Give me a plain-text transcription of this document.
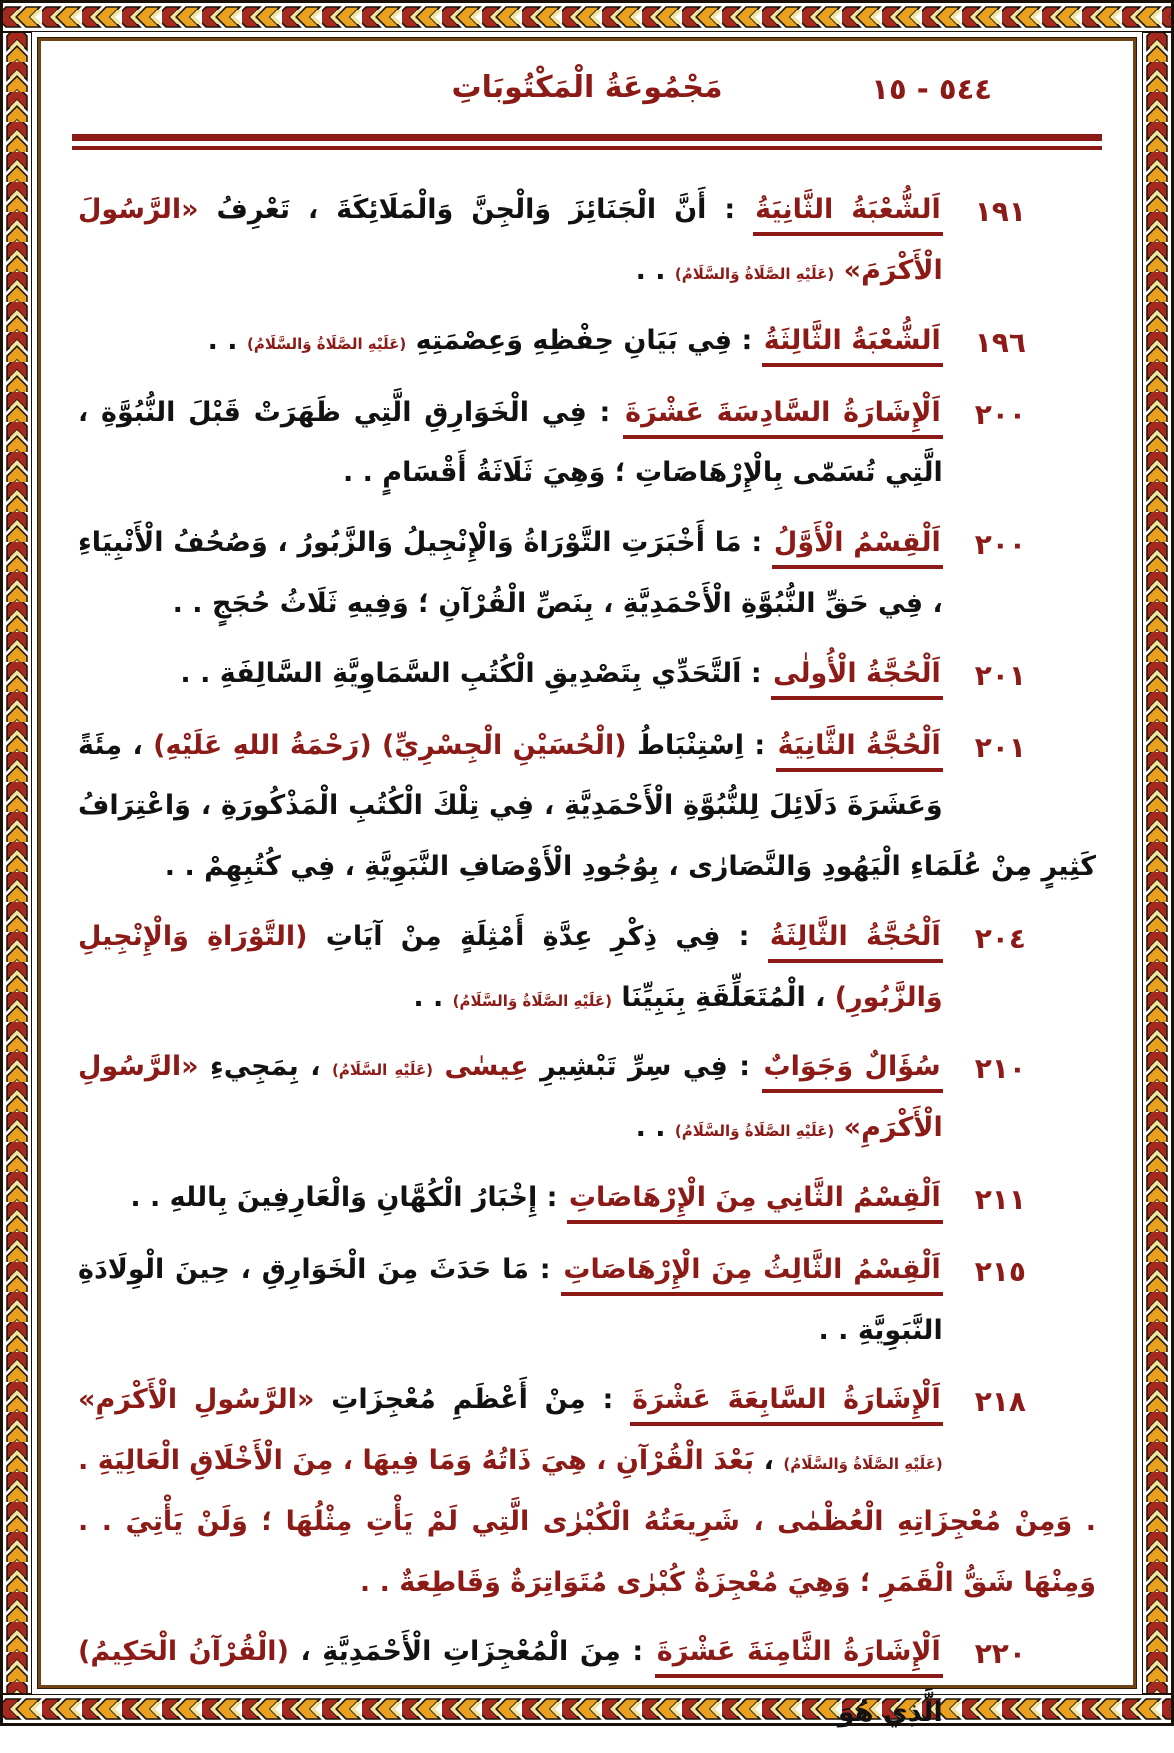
٥٤٤ - ١٥
مَجْمُوعَةُ الْمَكْتُوبَاتِ

١٩١
اَلشُّعْبَةُ الثَّانِيَةُ : أَنَّ الْجَنَائِزَ وَالْجِنَّ وَالْمَلَائِكَةَ ، تَعْرِفُ «الرَّسُولَ الْأَكْرَمَ» (عَلَيْهِ الصَّلَاةُ وَالسَّلَامُ) . .

١٩٦
اَلشُّعْبَةُ الثَّالِثَةُ : فِي بَيَانِ حِفْظِهِ وَعِصْمَتِهِ (عَلَيْهِ الصَّلَاةُ وَالسَّلَامُ) . .

٢٠٠
اَلْإِشَارَةُ السَّادِسَةَ عَشْرَةَ : فِي الْخَوَارِقِ الَّتِي ظَهَرَتْ قَبْلَ النُّبُوَّةِ ، الَّتِي تُسَمّٰى بِالْإِرْهَاصَاتِ ؛ وَهِيَ ثَلَاثَةُ أَقْسَامٍ . .

٢٠٠
اَلْقِسْمُ الْأَوَّلُ : مَا أَخْبَرَتِ التَّوْرَاةُ وَالْإِنْجِيلُ وَالزَّبُورُ ، وَصُحُفُ الْأَنْبِيَاءِ ، فِي حَقِّ النُّبُوَّةِ الْأَحْمَدِيَّةِ ، بِنَصِّ الْقُرْآنِ ؛ وَفِيهِ ثَلَاثُ حُجَجٍ . .

٢٠١
اَلْحُجَّةُ الْأُولٰى : اَلتَّحَدِّي بِتَصْدِيقِ الْكُتُبِ السَّمَاوِيَّةِ السَّالِفَةِ . .

٢٠١
اَلْحُجَّةُ الثَّانِيَةُ : اِسْتِنْبَاطُ (الْحُسَيْنِ الْجِسْرِيِّ) (رَحْمَةُ اللهِ عَلَيْهِ) ، مِئَةً وَعَشَرَةَ دَلَائِلَ لِلنُّبُوَّةِ الْأَحْمَدِيَّةِ ، فِي تِلْكَ الْكُتُبِ الْمَذْكُورَةِ ، وَاعْتِرَافُ كَثِيرٍ مِنْ عُلَمَاءِ الْيَهُودِ وَالنَّصَارٰى ، بِوُجُودِ الْأَوْصَافِ النَّبَوِيَّةِ ، فِي كُتُبِهِمْ . .

٢٠٤
اَلْحُجَّةُ الثَّالِثَةُ : فِي ذِكْرِ عِدَّةِ أَمْثِلَةٍ مِنْ آيَاتِ (التَّوْرَاةِ وَالْإِنْجِيلِ وَالزَّبُورِ) ، الْمُتَعَلِّقَةِ بِنَبِيِّنَا (عَلَيْهِ الصَّلَاةُ وَالسَّلَامُ) . .

٢١٠
سُؤَالٌ وَجَوَابٌ : فِي سِرِّ تَبْشِيرِ عِيسٰى (عَلَيْهِ السَّلَامُ) ، بِمَجِيءِ «الرَّسُولِ الْأَكْرَمِ» (عَلَيْهِ الصَّلَاةُ وَالسَّلَامُ) . .

٢١١
اَلْقِسْمُ الثَّانِي مِنَ الْإِرْهَاصَاتِ : إِخْبَارُ الْكُهَّانِ وَالْعَارِفِينَ بِاللهِ . .

٢١٥
اَلْقِسْمُ الثَّالِثُ مِنَ الْإِرْهَاصَاتِ : مَا حَدَثَ مِنَ الْخَوَارِقِ ، حِينَ الْوِلَادَةِ النَّبَوِيَّةِ . .

٢١٨
اَلْإِشَارَةُ السَّابِعَةَ عَشْرَةَ : مِنْ أَعْظَمِ مُعْجِزَاتِ «الرَّسُولِ الْأَكْرَمِ» (عَلَيْهِ الصَّلَاةُ وَالسَّلَامُ) ، بَعْدَ الْقُرْآنِ ، هِيَ ذَاتُهُ وَمَا فِيهَا ، مِنَ الْأَخْلَاقِ الْعَالِيَةِ . . وَمِنْ مُعْجِزَاتِهِ الْعُظْمٰى ، شَرِيعَتُهُ الْكُبْرٰى الَّتِي لَمْ يَأْتِ مِثْلُهَا ؛ وَلَنْ يَأْتِيَ . . وَمِنْهَا شَقُّ الْقَمَرِ ؛ وَهِيَ مُعْجِزَةٌ كُبْرٰى مُتَوَاتِرَةٌ وَقَاطِعَةٌ . .

٢٢٠
اَلْإِشَارَةُ الثَّامِنَةَ عَشْرَةَ : مِنَ الْمُعْجِزَاتِ الْأَحْمَدِيَّةِ ، (الْقُرْآنُ الْحَكِيمُ) الَّذِي هُوَ
